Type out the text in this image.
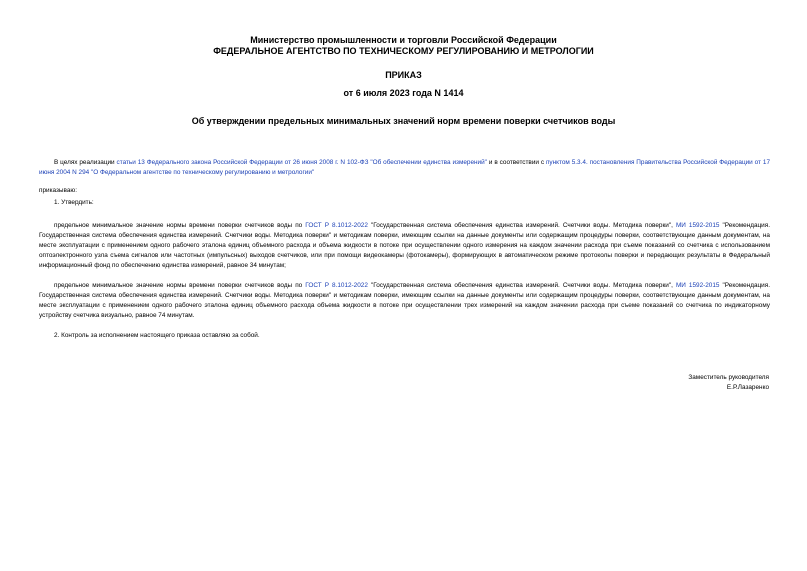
Министерство промышленности и торговли Российской Федерации
ФЕДЕРАЛЬНОЕ АГЕНТСТВО ПО ТЕХНИЧЕСКОМУ РЕГУЛИРОВАНИЮ И МЕТРОЛОГИИ
ПРИКАЗ
от 6 июля 2023 года N 1414
Об утверждении предельных минимальных значений норм времени поверки счетчиков воды
В целях реализации статьи 13 Федерального закона Российской Федерации от 26 июня 2008 г. N 102-ФЗ "Об обеспечении единства измерений" и в соответствии с пунктом 5.3.4. постановления Правительства Российской Федерации от 17 июня 2004 N 294 "О Федеральном агентстве по техническому регулированию и метрологии"
приказываю:
1. Утвердить:
предельное минимальное значение нормы времени поверки счетчиков воды по ГОСТ Р 8.1012-2022 "Государственная система обеспечения единства измерений. Счетчики воды. Методика поверки", МИ 1592-2015 "Рекомендация. Государственная система обеспечения единства измерений. Счетчики воды. Методика поверки" и методикам поверки, имеющим ссылки на данные документы или содержащим процедуры поверки, соответствующие данным документам, на месте эксплуатации с применением одного рабочего эталона единиц объемного расхода и объема жидкости в потоке при осуществлении одного измерения на каждом значении расхода при съеме показаний со счетчика с использованием оптоэлектронного узла съема сигналов или частотных (импульсных) выходов счетчиков, или при помощи видеокамеры (фотокамеры), формирующих в автоматическом режиме протоколы поверки и передающих результаты в Федеральный информационный фонд по обеспечению единства измерений, равное 34 минутам;
предельное минимальное значение нормы времени поверки счетчиков воды по ГОСТ Р 8.1012-2022 "Государственная система обеспечения единства измерений. Счетчики воды. Методика поверки", МИ 1592-2015 "Рекомендация. Государственная система обеспечения единства измерений. Счетчики воды. Методика поверки" и методикам поверки, имеющим ссылки на данные документы или содержащим процедуры поверки, соответствующие данным документам, на месте эксплуатации с применением одного рабочего эталона единиц объемного расхода объема жидкости в потоке при осуществлении трех измерений на каждом значении расхода при съеме показаний со счетчика по индикаторному устройству счетчика визуально, равное 74 минутам.
2. Контроль за исполнением настоящего приказа оставляю за собой.
Заместитель руководителя
Е.Р.Лазаренко
